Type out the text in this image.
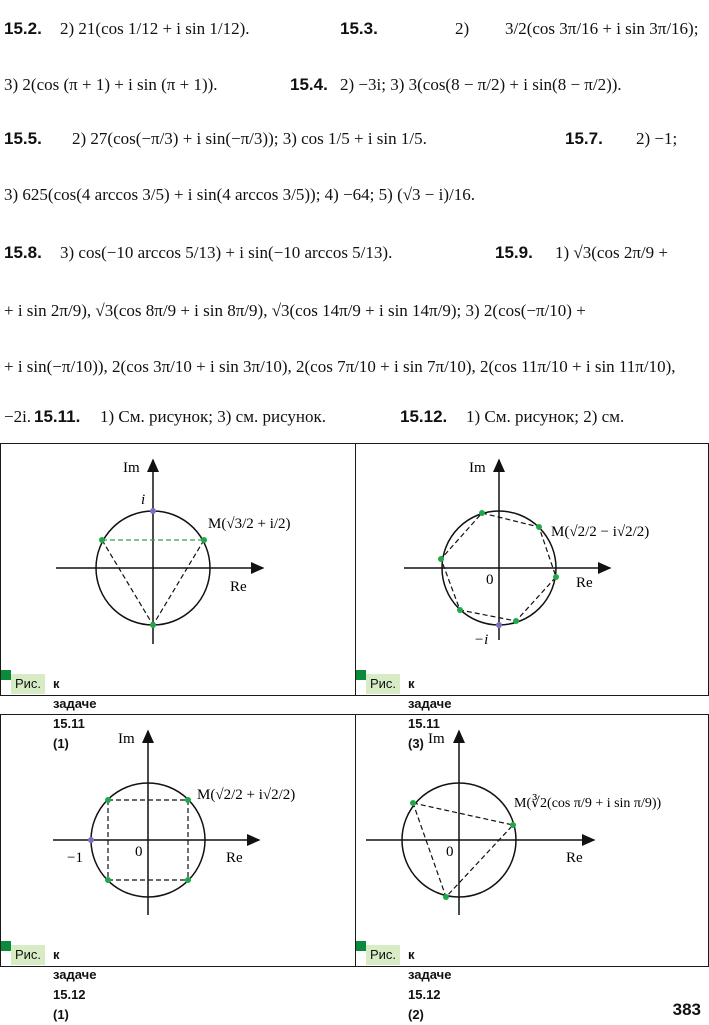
15.2. 2) 21(cos 1/12 + i sin 1/12).	15.3.	2) 3/2(cos 3π/16 + i sin 3π/16);
3) 2(cos (π + 1) + i sin (π + 1)).	15.4. 2) −3i; 3) 3(cos(8 − π/2) + i sin(8 − π/2)).
15.5. 2) 27(cos(−π/3) + i sin(−π/3)); 3) cos 1/5 + i sin 1/5.	15.7. 2) −1;
3) 625(cos(4 arccos 3/5) + i sin(4 arccos 3/5)); 4) −64; 5) (√3 − i)/16.
15.8. 3) cos(−10 arccos 5/13) + i sin(−10 arccos 5/13).	15.9. 1) √3(cos 2π/9 +
+ i sin 2π/9), √3(cos 8π/9 + i sin 8π/9), √3(cos 14π/9 + i sin 14π/9); 3) 2(cos(−π/10) +
+ i sin(−π/10)), 2(cos 3π/10 + i sin 3π/10), 2(cos 7π/10 + i sin 7π/10), 2(cos 11π/10 + i sin 11π/10),
−2i. 15.11. 1) См. рисунок; 3) см. рисунок.	15.12. 1) См. рисунок; 2) см.
Im
Re
i
M(√3/2 + i/2)
Рис. к задаче 15.11 (1)
Im
Re
0
−i
M(√2/2 − i√2/2)
Рис. к задаче 15.11 (3)
Im
Re
0
−1
M(√2/2 + i√2/2)
Рис. к задаче 15.12 (1)
Im
Re
0
M(∛2(cos π/9 + i sin π/9))
Рис. к задаче 15.12 (2)	383
